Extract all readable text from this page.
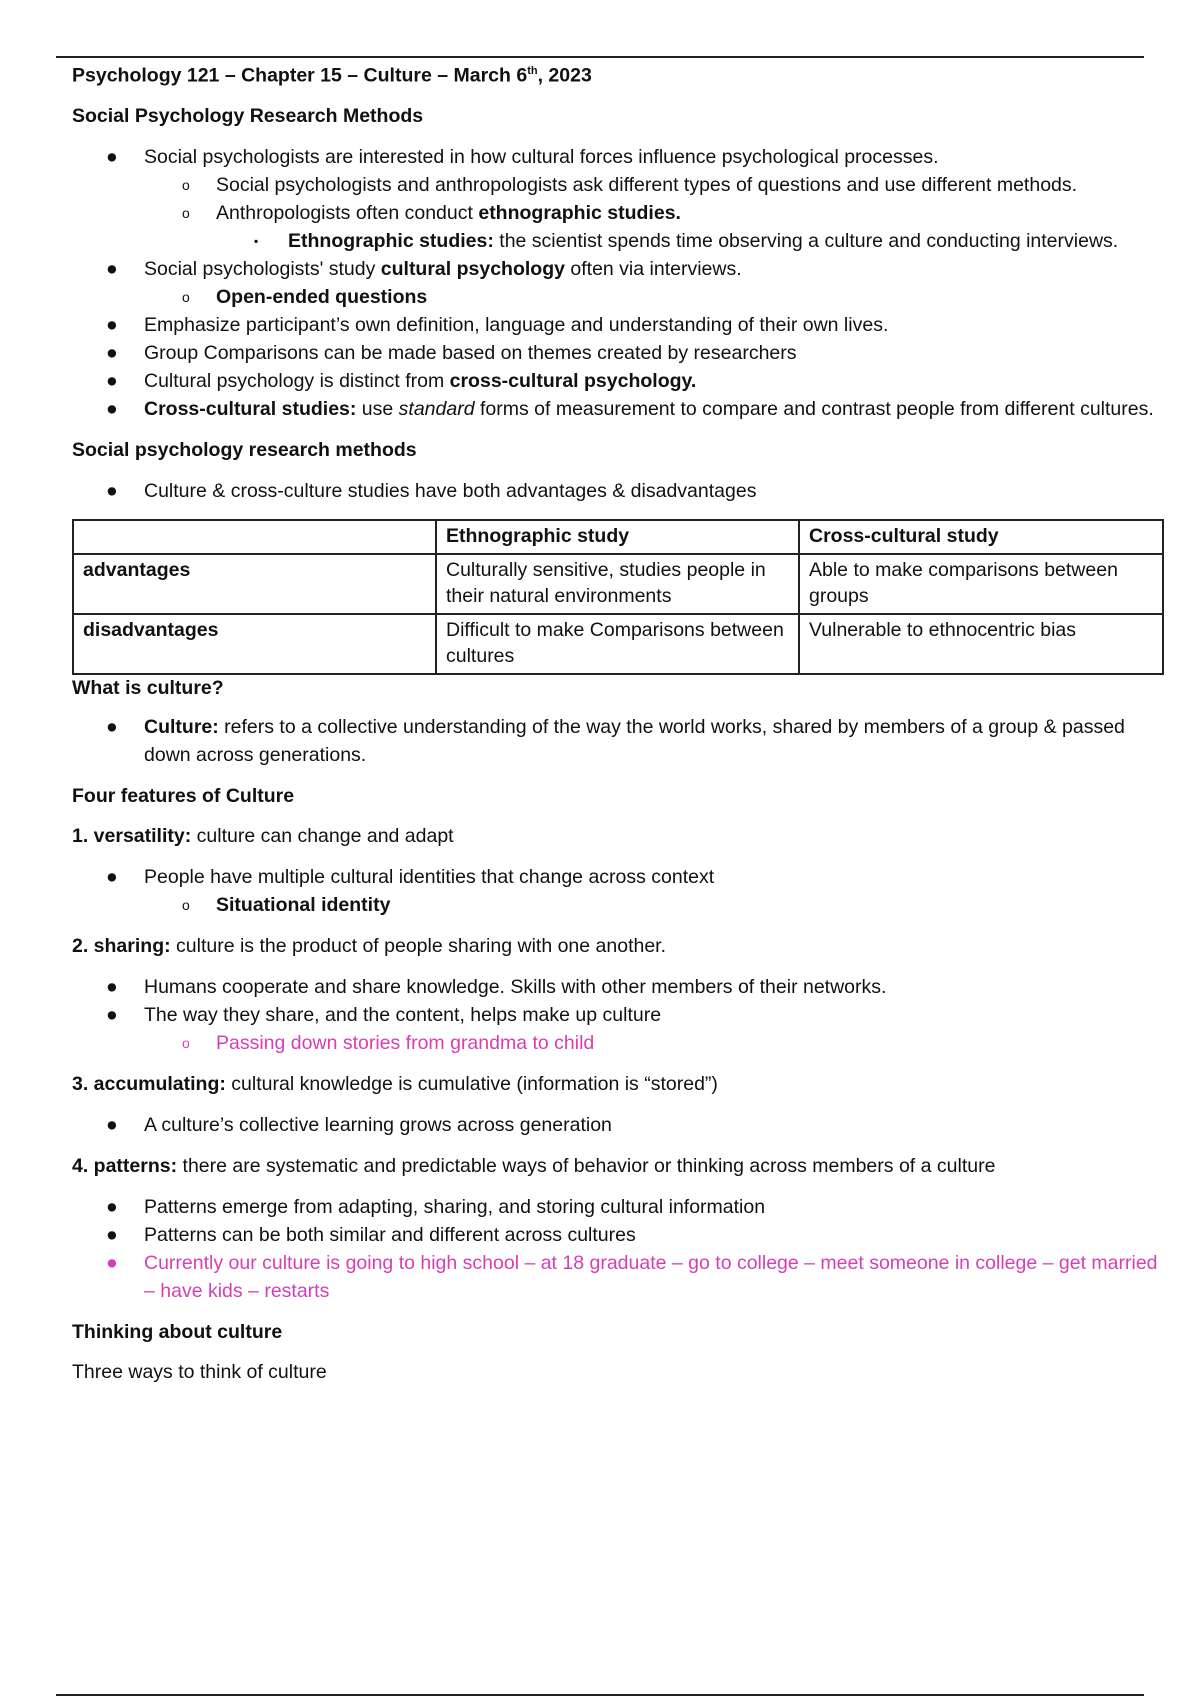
Psychology 121 – Chapter 15 – Culture – March 6th, 2023
Social Psychology Research Methods
● Social psychologists are interested in how cultural forces influence psychological processes.
o Social psychologists and anthropologists ask different types of questions and use different methods.
o Anthropologists often conduct ethnographic studies.
▪ Ethnographic studies: the scientist spends time observing a culture and conducting interviews.
● Social psychologists' study cultural psychology often via interviews.
o Open-ended questions
● Emphasize participant’s own definition, language and understanding of their own lives.
● Group Comparisons can be made based on themes created by researchers
● Cultural psychology is distinct from cross-cultural psychology.
● Cross-cultural studies: use standard forms of measurement to compare and contrast people from different cultures.
Social psychology research methods
● Culture & cross-culture studies have both advantages & disadvantages
	Ethnographic study	Cross-cultural study
advantages	Culturally sensitive, studies people in their natural environments	Able to make comparisons between groups
disadvantages	Difficult to make Comparisons between cultures	Vulnerable to ethnocentric bias
What is culture?
● Culture: refers to a collective understanding of the way the world works, shared by members of a group & passed down across generations.
Four features of Culture
1. versatility: culture can change and adapt
● People have multiple cultural identities that change across context
o Situational identity
2. sharing: culture is the product of people sharing with one another.
● Humans cooperate and share knowledge. Skills with other members of their networks.
● The way they share, and the content, helps make up culture
o Passing down stories from grandma to child
3. accumulating: cultural knowledge is cumulative (information is “stored”)
● A culture’s collective learning grows across generation
4. patterns: there are systematic and predictable ways of behavior or thinking across members of a culture
● Patterns emerge from adapting, sharing, and storing cultural information
● Patterns can be both similar and different across cultures
● Currently our culture is going to high school – at 18 graduate – go to college – meet someone in college – get married – have kids – restarts
Thinking about culture
Three ways to think of culture
